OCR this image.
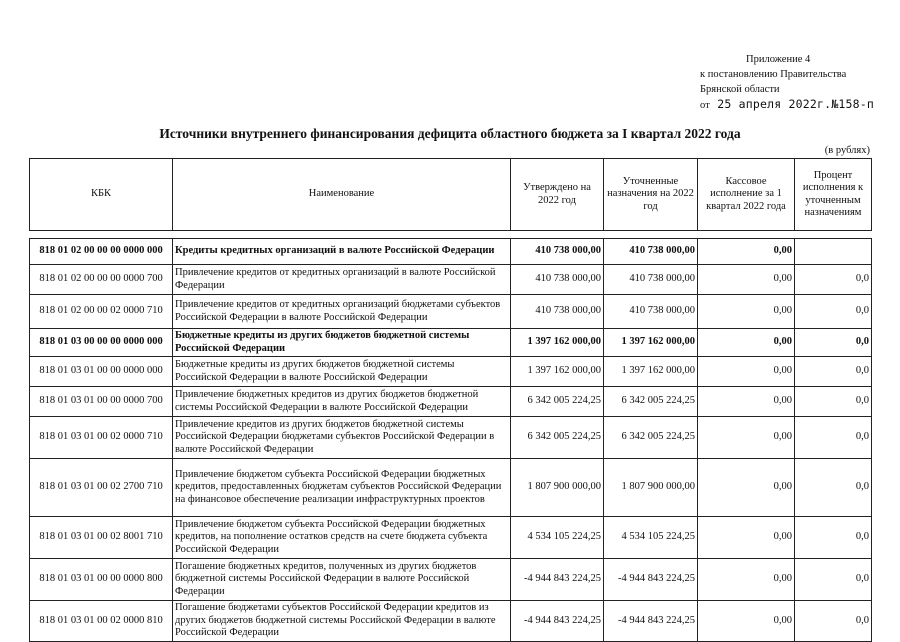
Приложение 4
к постановлению Правительства
Брянской области
от 25 апреля 2022г.№158-п
Источники внутреннего финансирования дефицита областного бюджета за I квартал 2022 года
(в рублях)
КБК	Наименование	Утверждено на 2022 год	Уточненные назначения на 2022 год	Кассовое исполнение за 1 квартал 2022 года	Процент исполнения к уточненным назначениям

818 01 02 00 00 00 0000 000	Кредиты кредитных организаций в валюте Российской Федерации	410 738 000,00	410 738 000,00	0,00	
818 01 02 00 00 00 0000 700	Привлечение кредитов от кредитных организаций в валюте Российской Федерации	410 738 000,00	410 738 000,00	0,00	0,0
818 01 02 00 00 02 0000 710	Привлечение кредитов от кредитных организаций бюджетами субъектов Российской Федерации в валюте Российской Федерации	410 738 000,00	410 738 000,00	0,00	0,0
818 01 03 00 00 00 0000 000	Бюджетные кредиты из других бюджетов бюджетной системы Российской Федерации	1 397 162 000,00	1 397 162 000,00	0,00	0,0
818 01 03 01 00 00 0000 000	Бюджетные кредиты из других бюджетов бюджетной системы Российской Федерации в валюте Российской Федерации	1 397 162 000,00	1 397 162 000,00	0,00	0,0
818 01 03 01 00 00 0000 700	Привлечение бюджетных кредитов из других бюджетов бюджетной системы Российской Федерации в валюте Российской Федерации	6 342 005 224,25	6 342 005 224,25	0,00	0,0
818 01 03 01 00 02 0000 710	Привлечение кредитов из других бюджетов бюджетной системы Российской Федерации бюджетами субъектов Российской Федерации в валюте Российской Федерации	6 342 005 224,25	6 342 005 224,25	0,00	0,0
818 01 03 01 00 02 2700 710	Привлечение бюджетом субъекта Российской Федерации бюджетных кредитов, предоставленных бюджетам субъектов Российской Федерации на финансовое обеспечение реализации инфраструктурных проектов	1 807 900 000,00	1 807 900 000,00	0,00	0,0
818 01 03 01 00 02 8001 710	Привлечение бюджетом субъекта Российской Федерации бюджетных кредитов, на пополнение остатков средств на счете бюджета субъекта Российской Федерации	4 534 105 224,25	4 534 105 224,25	0,00	0,0
818 01 03 01 00 00 0000 800	Погашение бюджетных кредитов, полученных из других бюджетов бюджетной системы Российской Федерации в валюте Российской Федерации	-4 944 843 224,25	-4 944 843 224,25	0,00	0,0
818 01 03 01 00 02 0000 810	Погашение бюджетами субъектов Российской Федерации кредитов из других бюджетов бюджетной системы Российской Федерации в валюте Российской Федерации	-4 944 843 224,25	-4 944 843 224,25	0,00	0,0
